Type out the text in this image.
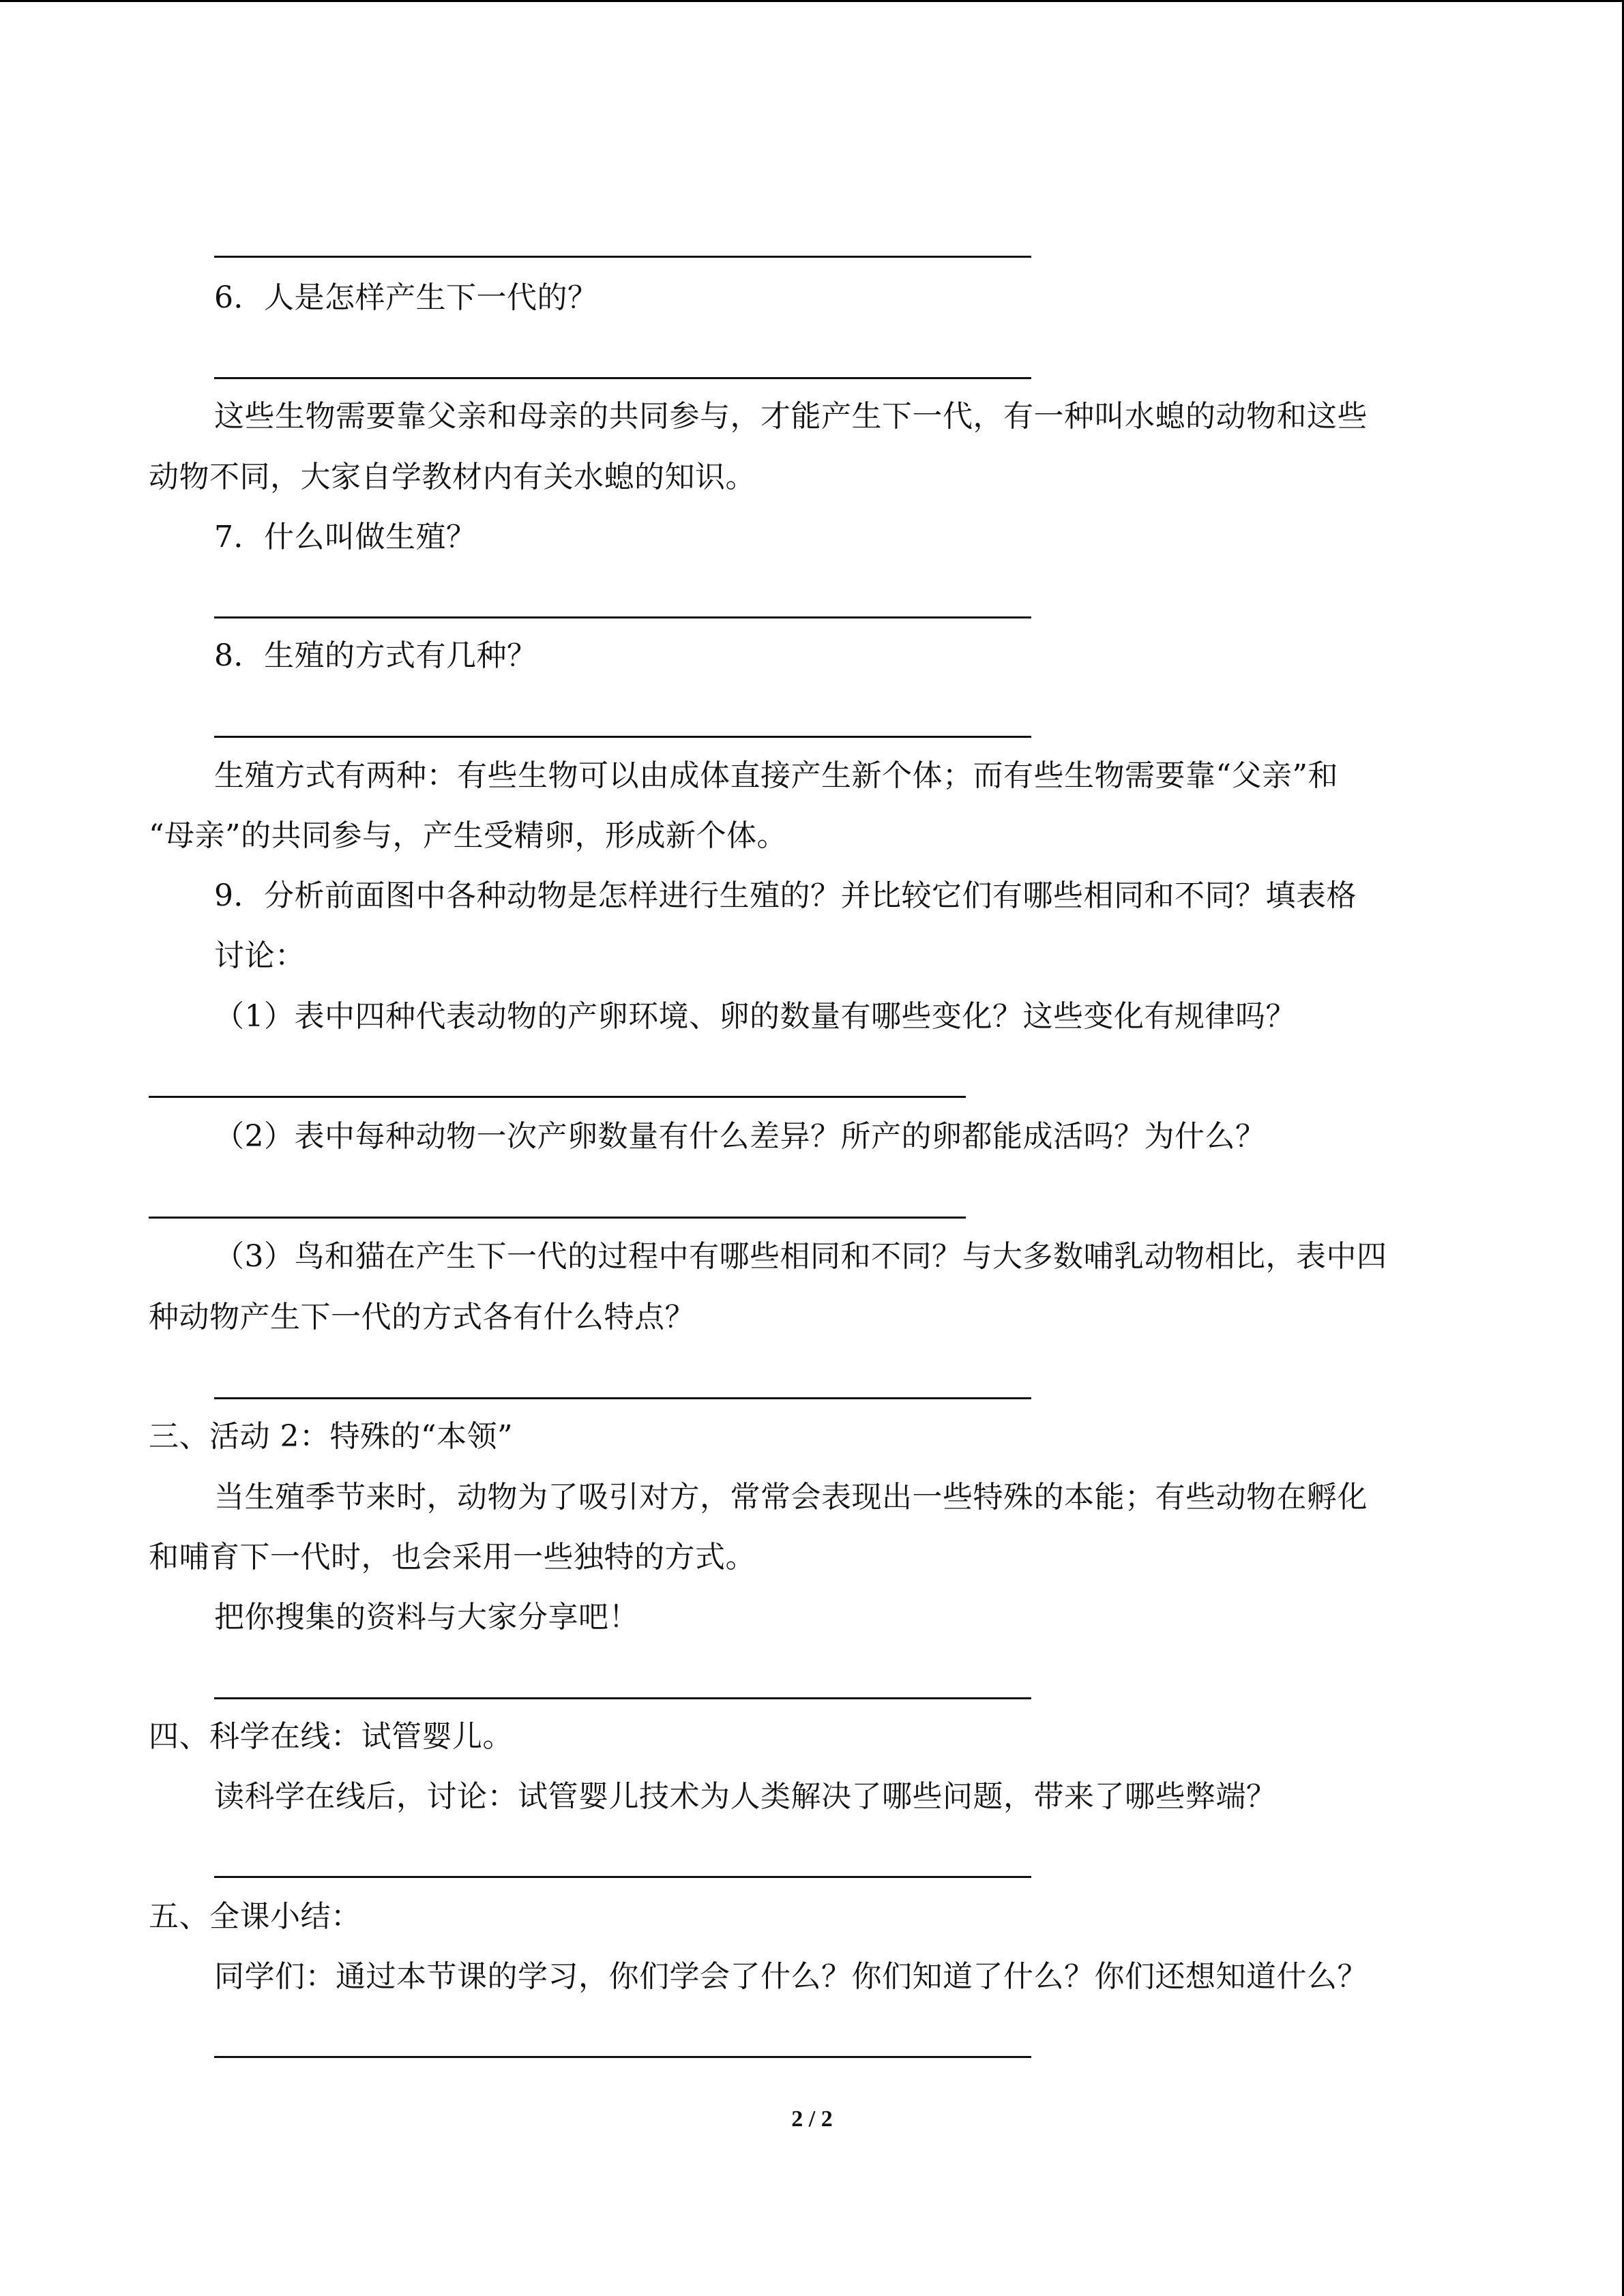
6．人是怎样产生下一代的？
这些生物需要靠父亲和母亲的共同参与，才能产生下一代，有一种叫水螅的动物和这些
动物不同，大家自学教材内有关水螅的知识。
7．什么叫做生殖？
8．生殖的方式有几种？
生殖方式有两种：有些生物可以由成体直接产生新个体；而有些生物需要靠“父亲”和
“母亲”的共同参与，产生受精卵，形成新个体。
9．分析前面图中各种动物是怎样进行生殖的？并比较它们有哪些相同和不同？填表格
讨论：
（1）表中四种代表动物的产卵环境、卵的数量有哪些变化？这些变化有规律吗？
（2）表中每种动物一次产卵数量有什么差异？所产的卵都能成活吗？为什么？
（3）鸟和猫在产生下一代的过程中有哪些相同和不同？与大多数哺乳动物相比，表中四
种动物产生下一代的方式各有什么特点？
三、活动 2：特殊的“本领”
当生殖季节来时，动物为了吸引对方，常常会表现出一些特殊的本能；有些动物在孵化
和哺育下一代时，也会采用一些独特的方式。
把你搜集的资料与大家分享吧！
四、科学在线：试管婴儿。
读科学在线后，讨论：试管婴儿技术为人类解决了哪些问题，带来了哪些弊端？
五、全课小结：
同学们：通过本节课的学习，你们学会了什么？你们知道了什么？你们还想知道什么？
2 / 2
